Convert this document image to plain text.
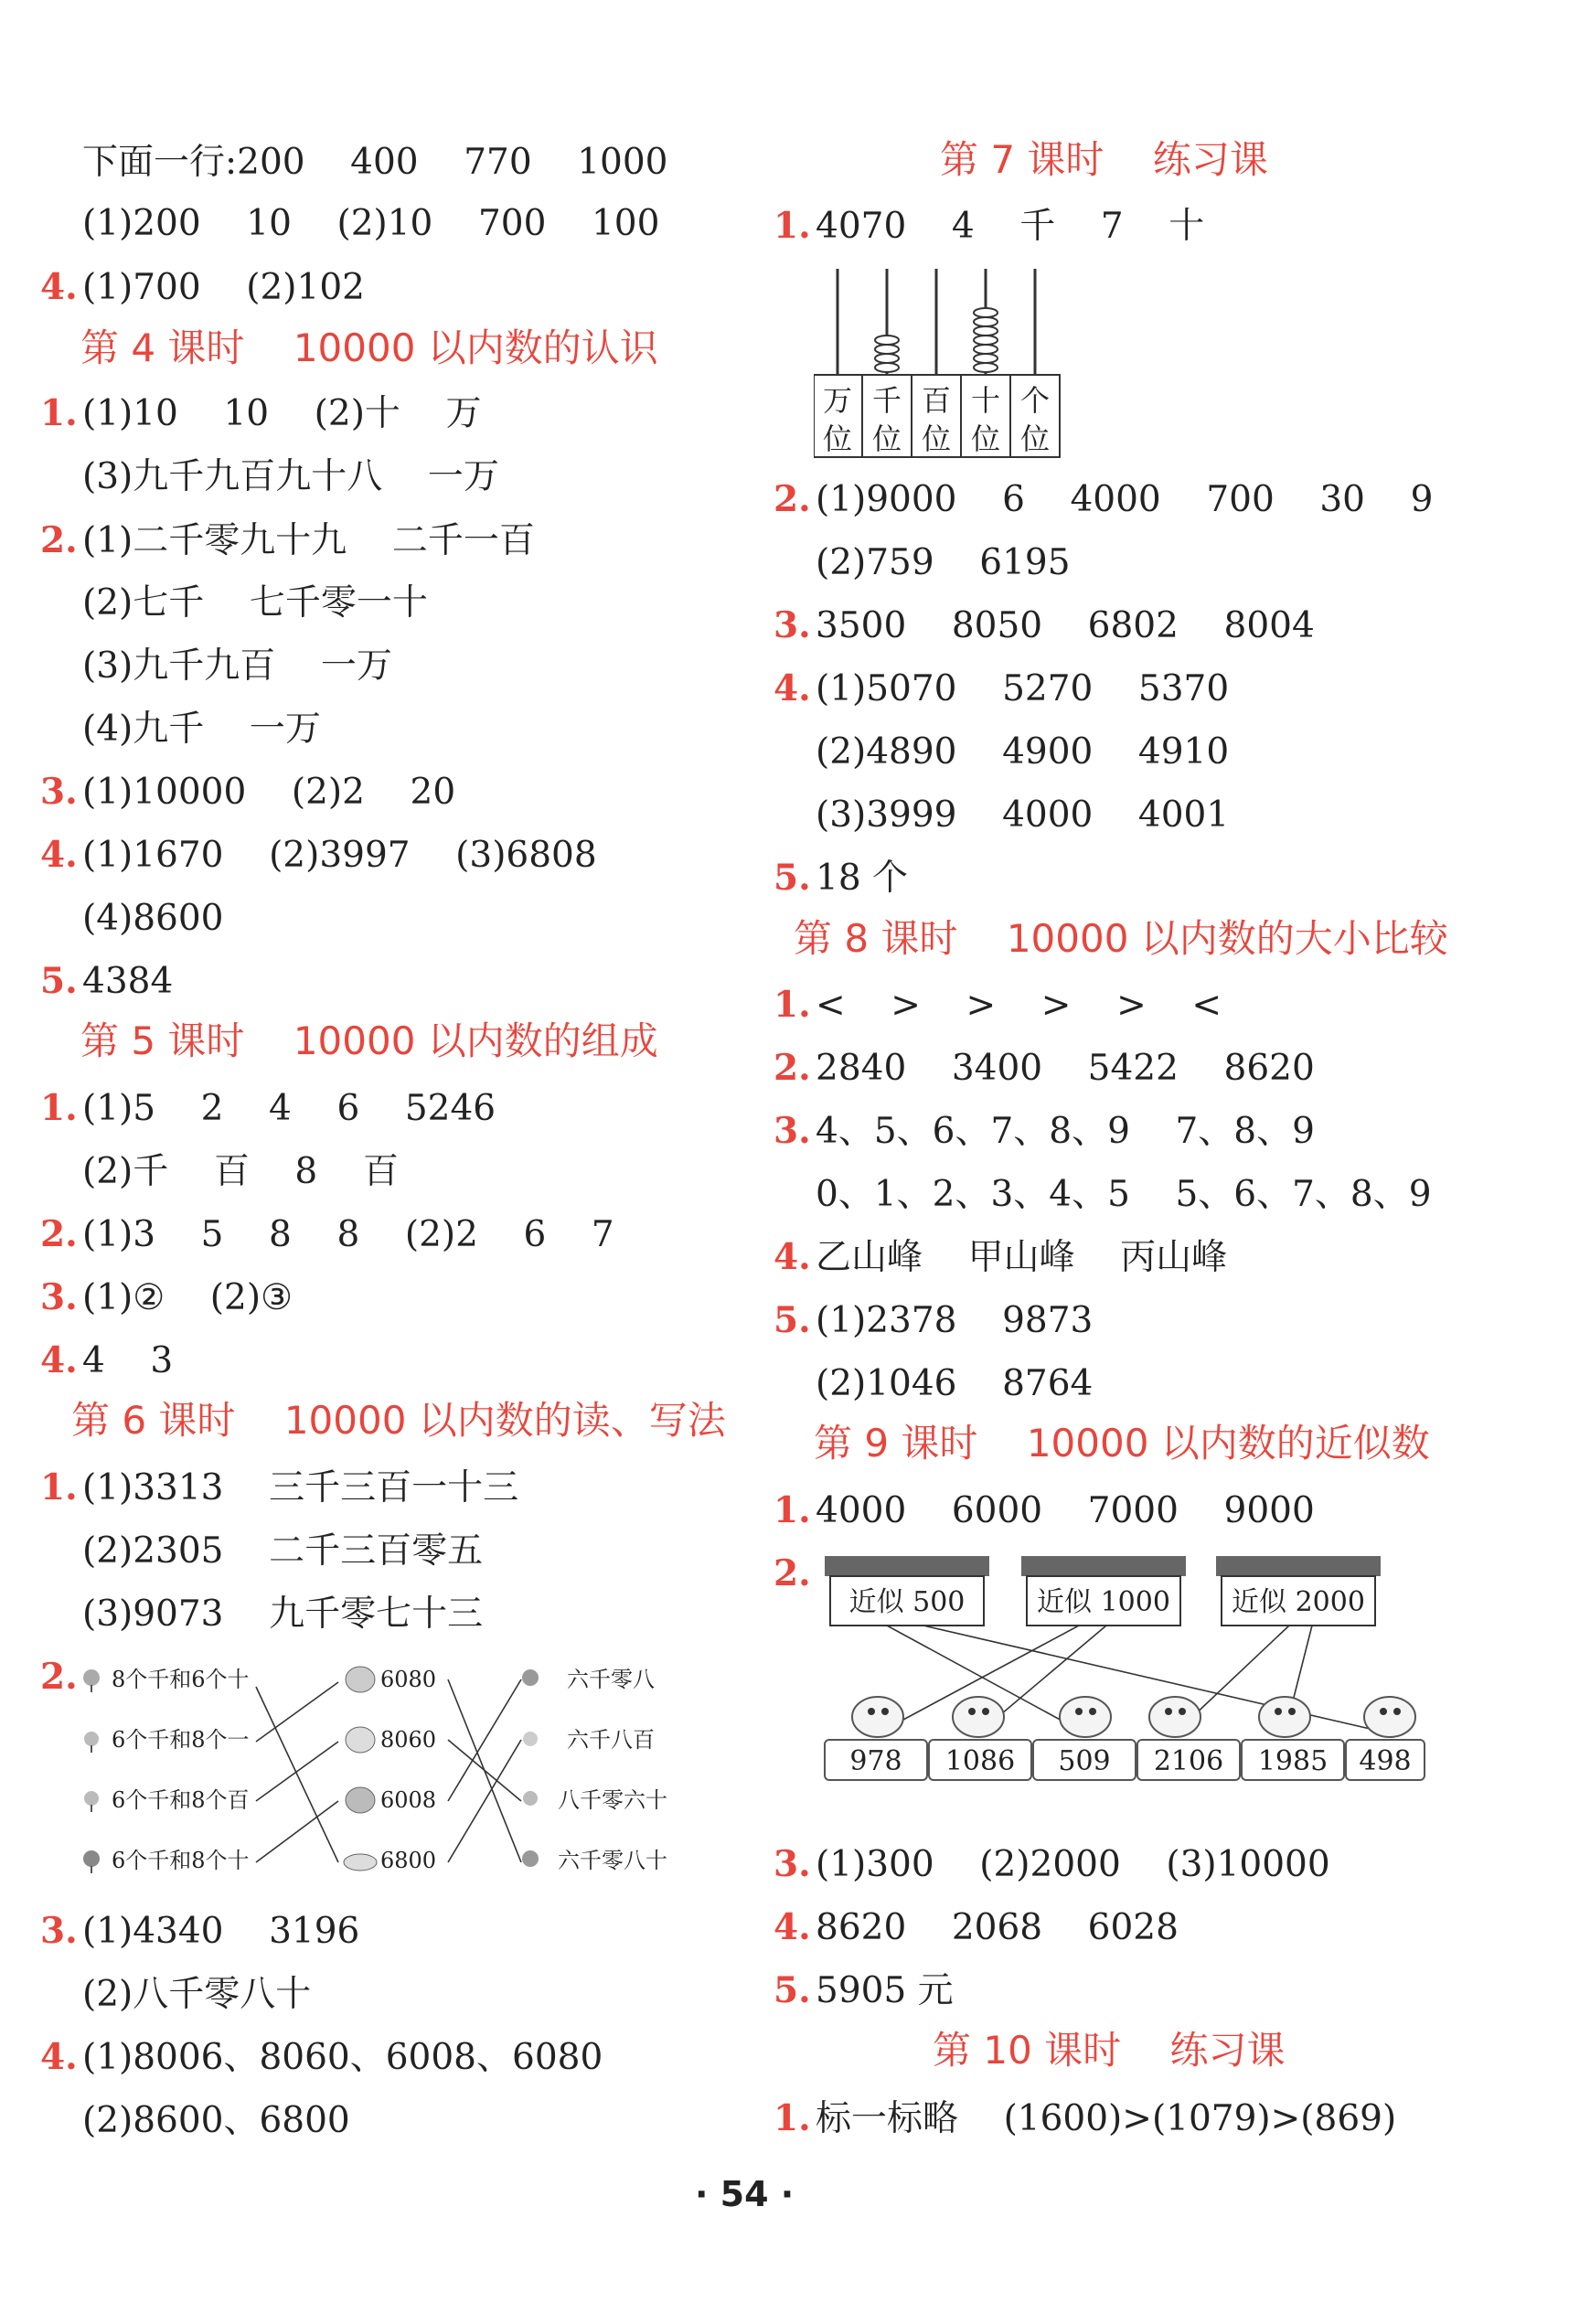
下面一行:200    400    770    1000
(1)200    10    (2)10    700    100
4. (1)700    (2)102
第 4 课时    10000 以内数的认识
1. (1)10    10    (2)十    万
(3)九千九百九十八    一万
2. (1)二千零九十九    二千一百
(2)七千    七千零一十
(3)九千九百    一万
(4)九千    一万
3. (1)10000    (2)2    20
4. (1)1670    (2)3997    (3)6808
(4)8600
5. 4384
第 5 课时    10000 以内数的组成
1. (1)5    2    4    6    5246
(2)千    百    8    百
2. (1)3    5    8    8    (2)2    6    7
3. (1)②    (2)③
4. 4    3
第 6 课时    10000 以内数的读、写法
1. (1)3313    三千三百一十三
(2)2305    二千三百零五
(3)9073    九千零七十三
2. 8个千和6个十
6个千和8个一
6个千和8个百
6个千和8个十
6080
8060
6008
6800
六千零八
六千八百
八千零六十
六千零八十
3. (1)4340    3196
(2)八千零八十
4. (1)8006、8060、6008、6080
(2)8600、6800
第 7 课时    练习课
1. 4070    4    千    7    十
万 千 百 十 个
位 位 位 位 位
2. (1)9000    6    4000    700    30    9
(2)759    6195
3. 3500    8050    6802    8004
4. (1)5070    5270    5370
(2)4890    4900    4910
(3)3999    4000    4001
5. 18 个
第 8 课时    10000 以内数的大小比较
1. <    >    >    >    >    <
2. 2840    3400    5422    8620
3. 4、5、6、7、8、9    7、8、9
0、1、2、3、4、5    5、6、7、8、9
4. 乙山峰    甲山峰    丙山峰
5. (1)2378    9873
(2)1046    8764
第 9 课时    10000 以内数的近似数
1. 4000    6000    7000    9000
2.
近似 500	近似 1000 近似 2000
978 1086 509 2106 1985 498
3. (1)300    (2)2000    (3)10000
4. 8620    2068    6028
5. 5905 元
第 10 课时    练习课
1. 标一标略    (1600)>(1079)>(869)
· 54 ·
